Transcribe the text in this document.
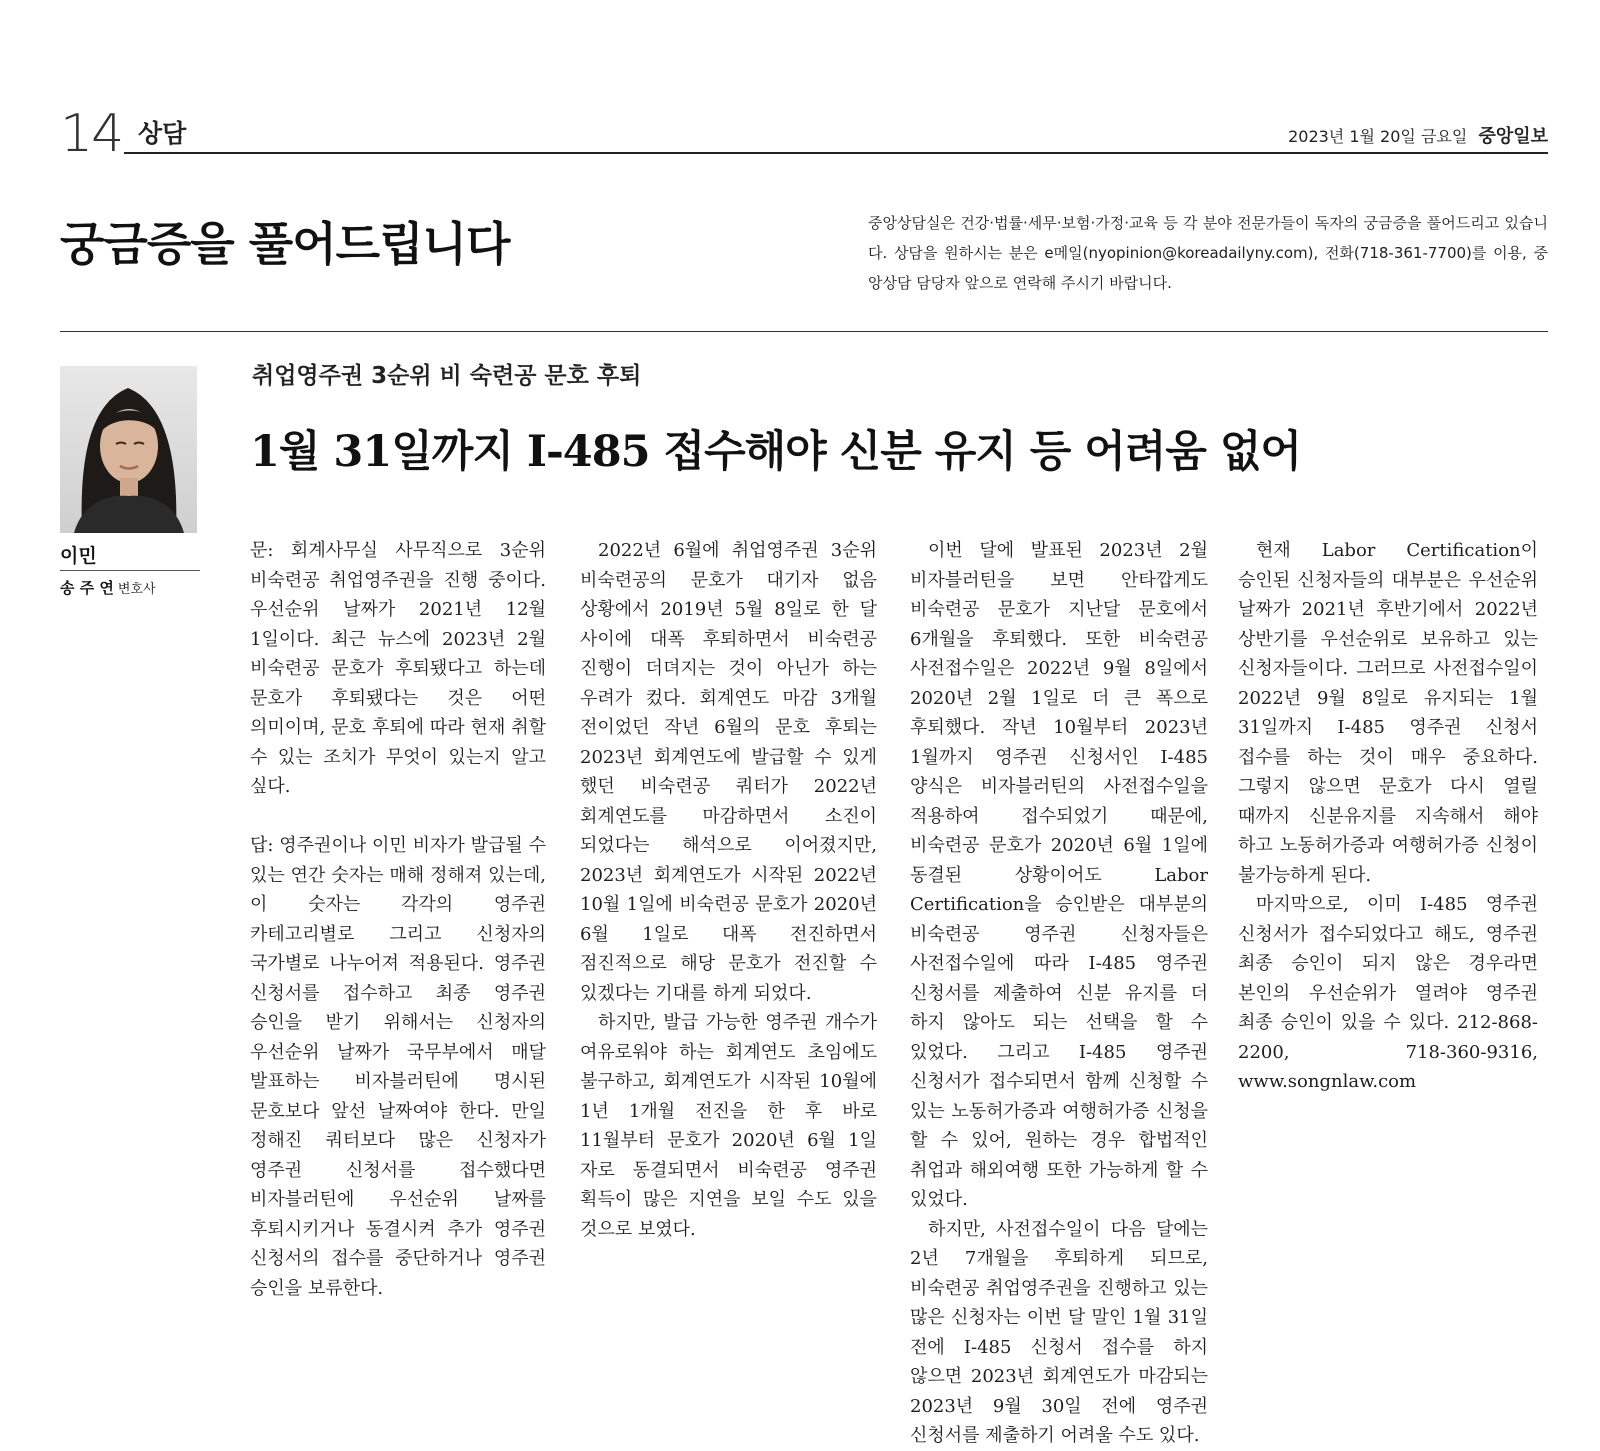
14 상담	2023년 1월 20일 금요일 중앙일보
궁금증을 풀어드립니다	중앙상담실은 건강·법률·세무·보험·가정·교육 등 각 분야 전문가들이 독자의 궁금증을 풀어드리고 있습니다. 상담을 원하시는 분은 e메일(nyopinion@koreadailyny.com), 전화(718-361-7700)를 이용, 중앙상담 담당자 앞으로 연락해 주시기 바랍니다.
이민
송 주 연 변호사
취업영주권 3순위 비 숙련공 문호 후퇴
1월 31일까지 I-485 접수해야 신분 유지 등 어려움 없어

문: 회계사무실 사무직으로 3순위 비숙련공 취업영주권을 진행 중이다. 우선순위 날짜가 2021년 12월 1일이다. 최근 뉴스에 2023년 2월 비숙련공 문호가 후퇴됐다고 하는데 문호가 후퇴됐다는 것은 어떤 의미이며, 문호 후퇴에 따라 현재 취할 수 있는 조치가 무엇이 있는지 알고 싶다.

답: 영주권이나 이민 비자가 발급될 수 있는 연간 숫자는 매해 정해져 있는데, 이 숫자는 각각의 영주권 카테고리별로 그리고 신청자의 국가별로 나누어져 적용된다. 영주권 신청서를 접수하고 최종 영주권 승인을 받기 위해서는 신청자의 우선순위 날짜가 국무부에서 매달 발표하는 비자블러틴에 명시된 문호보다 앞선 날짜여야 한다. 만일 정해진 쿼터보다 많은 신청자가 영주권 신청서를 접수했다면 비자블러틴에 우선순위 날짜를 후퇴시키거나 동결시켜 추가 영주권 신청서의 접수를 중단하거나 영주권 승인을 보류한다.

2022년 6월에 취업영주권 3순위 비숙련공의 문호가 대기자 없음 상황에서 2019년 5월 8일로 한 달 사이에 대폭 후퇴하면서 비숙련공 진행이 더뎌지는 것이 아닌가 하는 우려가 컸다. 회계연도 마감 3개월 전이었던 작년 6월의 문호 후퇴는 2023년 회계연도에 발급할 수 있게 했던 비숙련공 쿼터가 2022년 회계연도를 마감하면서 소진이 되었다는 해석으로 이어졌지만, 2023년 회계연도가 시작된 2022년 10월 1일에 비숙련공 문호가 2020년 6월 1일로 대폭 전진하면서 점진적으로 해당 문호가 전진할 수 있겠다는 기대를 하게 되었다.

하지만, 발급 가능한 영주권 개수가 여유로워야 하는 회계연도 초임에도 불구하고, 회계연도가 시작된 10월에 1년 1개월 전진을 한 후 바로 11월부터 문호가 2020년 6월 1일 자로 동결되면서 비숙련공 영주권 획득이 많은 지연을 보일 수도 있을 것으로 보였다.

이번 달에 발표된 2023년 2월 비자블러틴을 보면 안타깝게도 비숙련공 문호가 지난달 문호에서 6개월을 후퇴했다. 또한 비숙련공 사전접수일은 2022년 9월 8일에서 2020년 2월 1일로 더 큰 폭으로 후퇴했다. 작년 10월부터 2023년 1월까지 영주권 신청서인 I-485 양식은 비자블러틴의 사전접수일을 적용하여 접수되었기 때문에, 비숙련공 문호가 2020년 6월 1일에 동결된 상황이어도 Labor Certification을 승인받은 대부분의 비숙련공 영주권 신청자들은 사전접수일에 따라 I-485 영주권 신청서를 제출하여 신분 유지를 더 하지 않아도 되는 선택을 할 수 있었다. 그리고 I-485 영주권 신청서가 접수되면서 함께 신청할 수 있는 노동허가증과 여행허가증 신청을 할 수 있어, 원하는 경우 합법적인 취업과 해외여행 또한 가능하게 할 수 있었다.

하지만, 사전접수일이 다음 달에는 2년 7개월을 후퇴하게 되므로, 비숙련공 취업영주권을 진행하고 있는 많은 신청자는 이번 달 말인 1월 31일 전에 I-485 신청서 접수를 하지 않으면 2023년 회계연도가 마감되는 2023년 9월 30일 전에 영주권 신청서를 제출하기 어려울 수도 있다.

현재 Labor Certification이 승인된 신청자들의 대부분은 우선순위 날짜가 2021년 후반기에서 2022년 상반기를 우선순위로 보유하고 있는 신청자들이다. 그러므로 사전접수일이 2022년 9월 8일로 유지되는 1월 31일까지 I-485 영주권 신청서 접수를 하는 것이 매우 중요하다. 그렇지 않으면 문호가 다시 열릴 때까지 신분유지를 지속해서 해야 하고 노동허가증과 여행허가증 신청이 불가능하게 된다.

마지막으로, 이미 I-485 영주권 신청서가 접수되었다고 해도, 영주권 최종 승인이 되지 않은 경우라면 본인의 우선순위가 열려야 영주권 최종 승인이 있을 수 있다. 212-868-2200, 718-360-9316, www.songnlaw.com
